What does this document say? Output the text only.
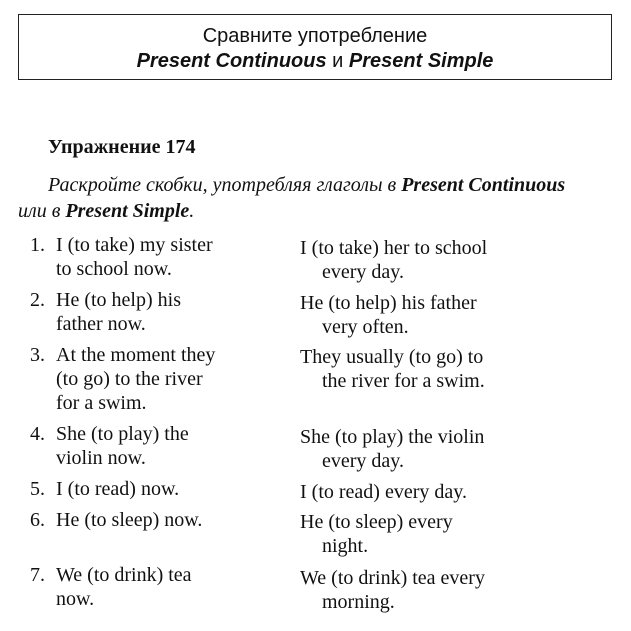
Сравните употребление
Present Continuous и Present Simple
Упражнение 174
Раскройте скобки, употребляя глаголы в Present Continuous или в Present Simple.
1. I (to take) my sister
to school now.
I (to take) her to school
every day.
2. He (to help) his
father now.
He (to help) his father
very often.
3. At the moment they
(to go) to the river
for a swim.
They usually (to go) to
the river for a swim.
4. She (to play) the
violin now.
She (to play) the violin
every day.
5. I (to read) now.	I (to read) every day.
6. He (to sleep) now.	He (to sleep) every
night.
7. We (to drink) tea
now.
We (to drink) tea every
morning.
